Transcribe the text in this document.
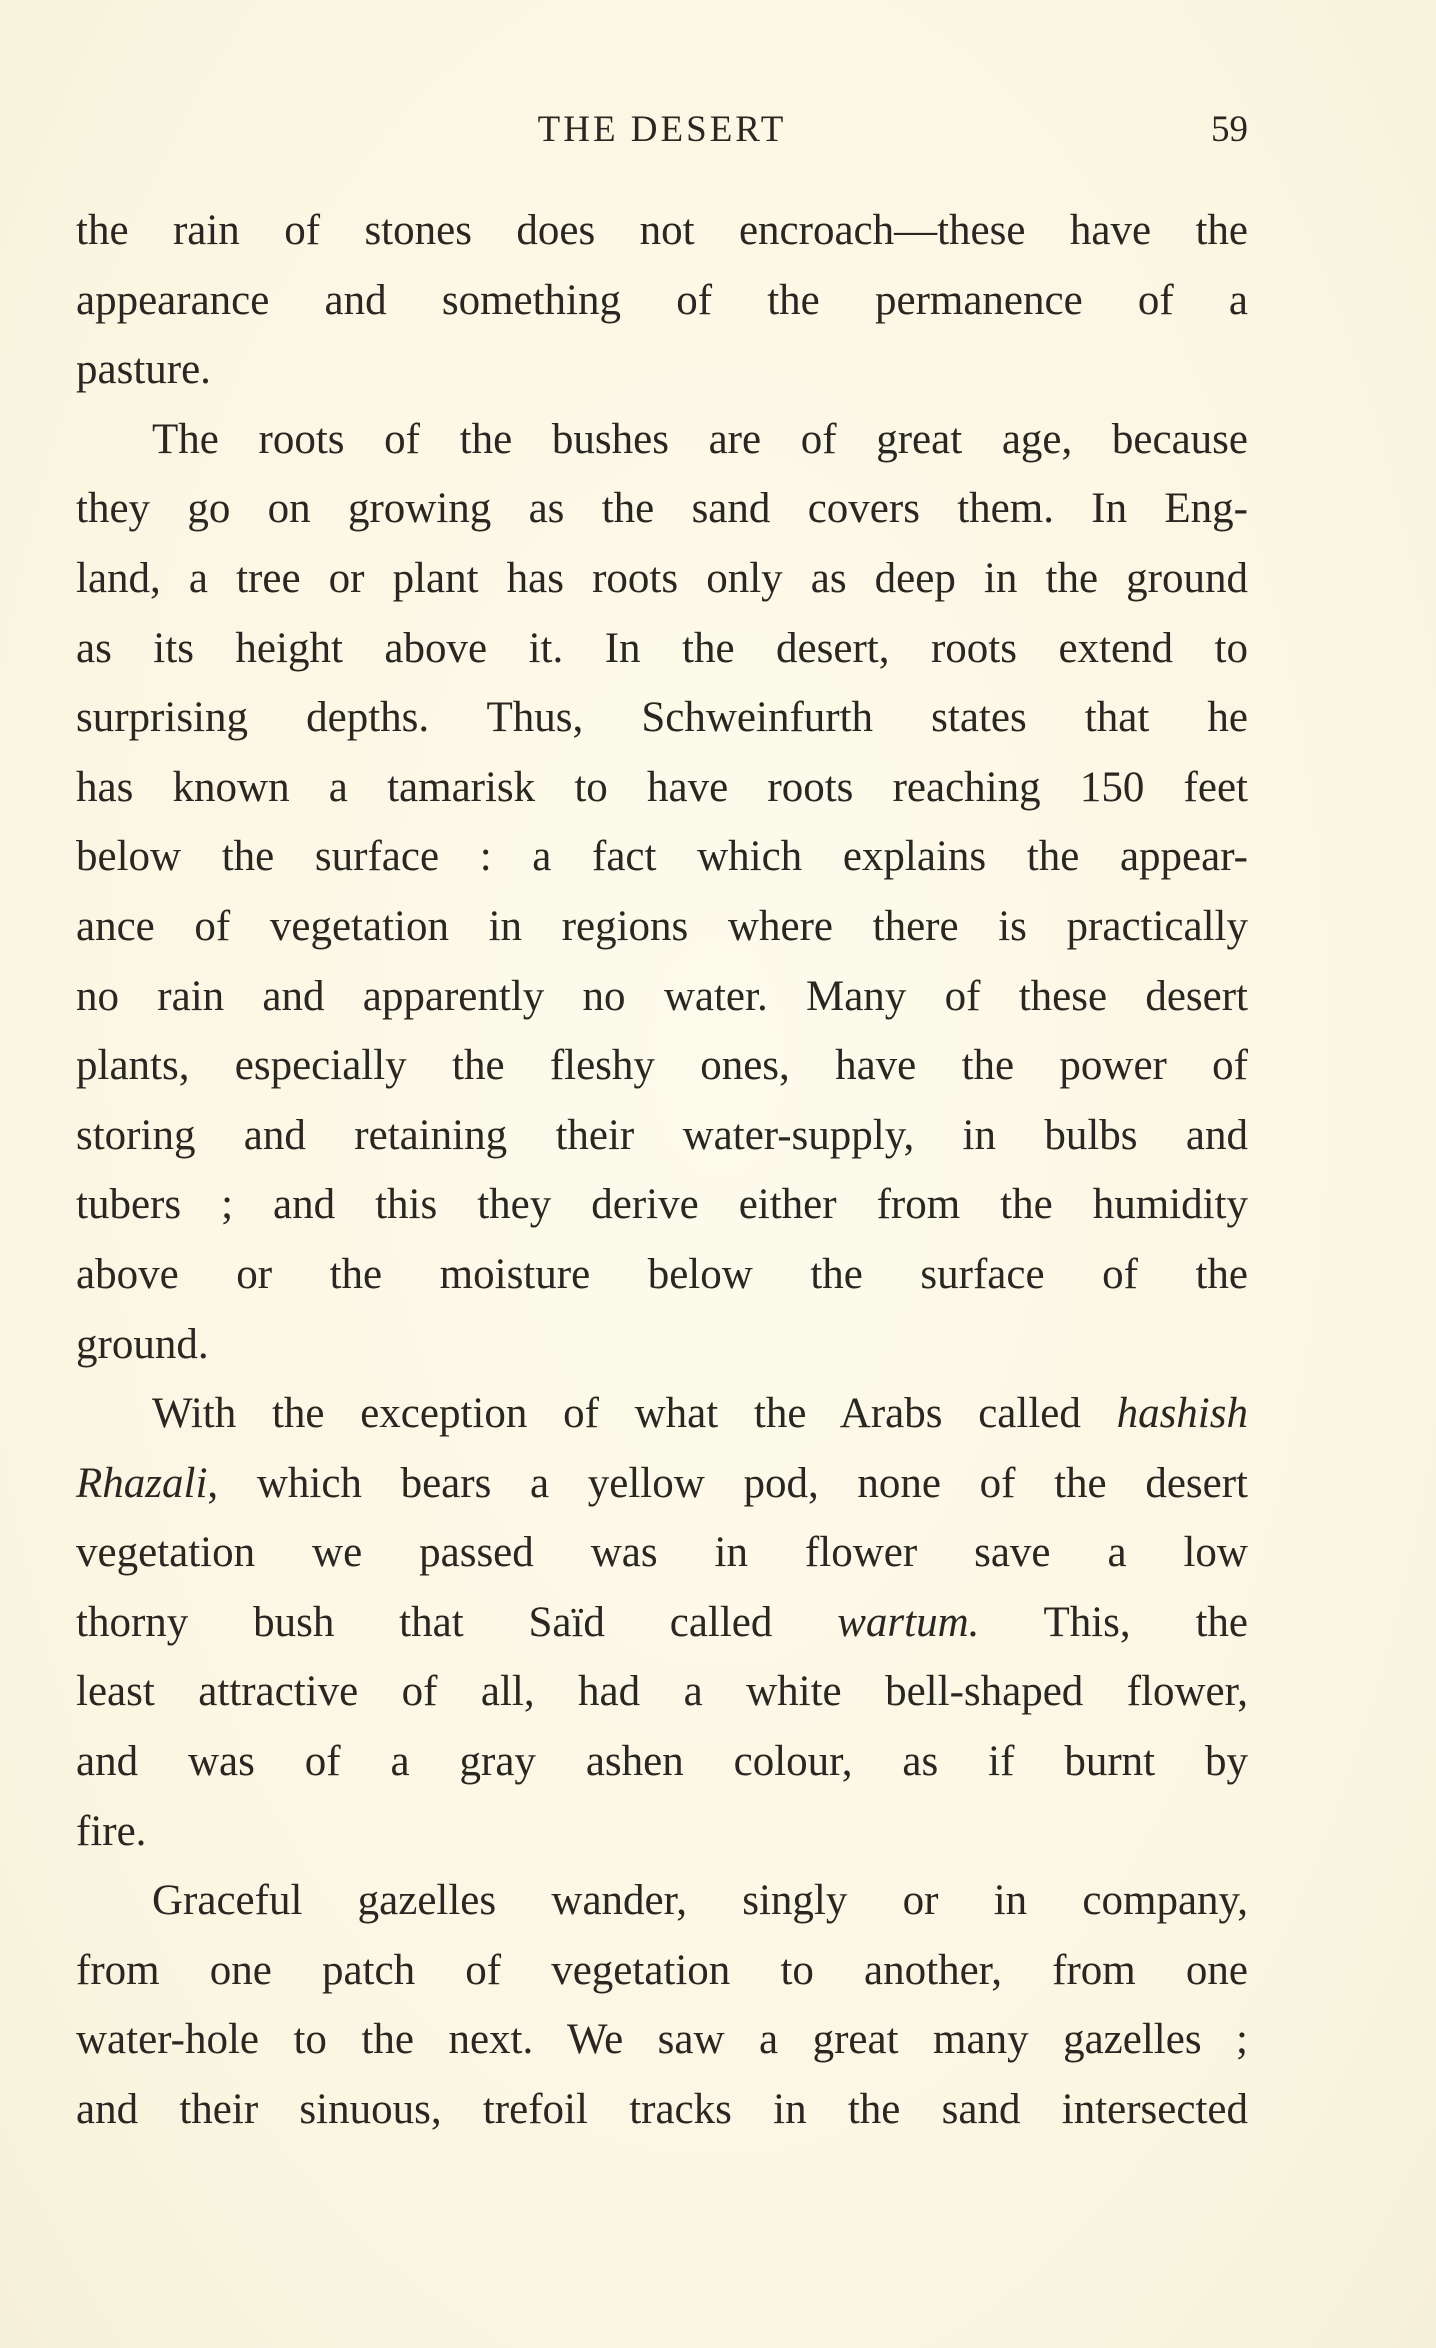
THE DESERT	59
the rain of stones does not encroach—these have the
appearance and something of the permanence of a
pasture.
The roots of the bushes are of great age, because
they go on growing as the sand covers them. In Eng-
land, a tree or plant has roots only as deep in the ground
as its height above it. In the desert, roots extend to
surprising depths. Thus, Schweinfurth states that he
has known a tamarisk to have roots reaching 150 feet
below the surface : a fact which explains the appear-
ance of vegetation in regions where there is practically
no rain and apparently no water. Many of these desert
plants, especially the fleshy ones, have the power of
storing and retaining their water-supply, in bulbs and
tubers ; and this they derive either from the humidity
above or the moisture below the surface of the
ground.
With the exception of what the Arabs called hashish
Rhazali, which bears a yellow pod, none of the desert
vegetation we passed was in flower save a low
thorny bush that Saïd called wartum. This, the
least attractive of all, had a white bell-shaped flower,
and was of a gray ashen colour, as if burnt by
fire.
Graceful gazelles wander, singly or in company,
from one patch of vegetation to another, from one
water-hole to the next. We saw a great many gazelles ;
and their sinuous, trefoil tracks in the sand intersected
